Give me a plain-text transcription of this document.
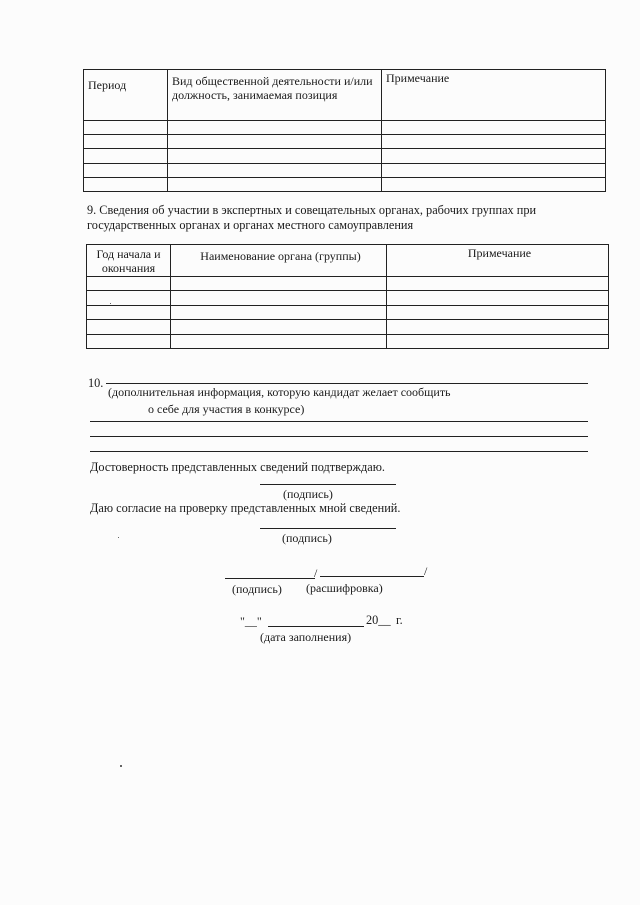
Период	Вид общественной деятельности и/или должность, занимаемая позиция	Примечание

9. Сведения об участии в экспертных и совещательных органах, рабочих группах при государственных органах и органах местного самоуправления
Год начала и окончания	Наименование органа (группы)	Примечание

10.
(дополнительная информация, которую кандидат желает сообщить
о себе для участия в конкурсе)
Достоверность представленных сведений подтверждаю.
(подпись)
Даю согласие на проверку представленных мной сведений.
(подпись)
/	/
(подпись) (расшифровка)
"__"	20__ г.
(дата заполнения)
